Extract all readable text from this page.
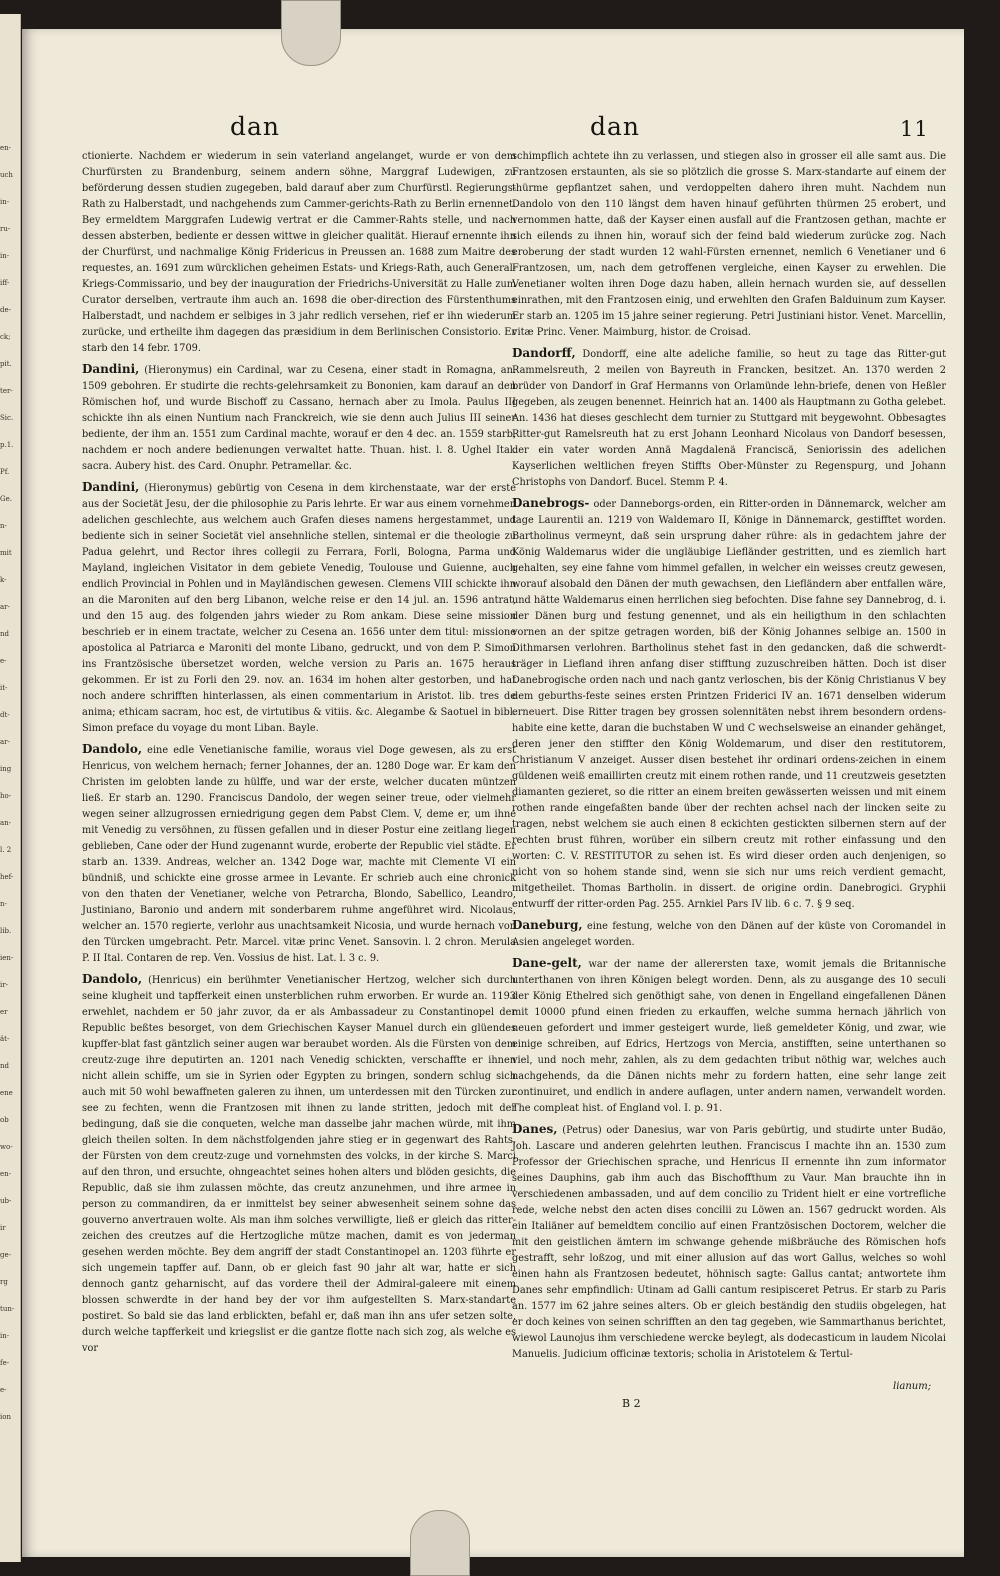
en-
uch
in-
ru-
in-
iff-
de-
ck;
pit.
ter-
Sic.
p.1.
Pf.
Ge.
n-
mit
k-
ar-
nd
e-
it-
dt-
ar-
ing
ho-
an-
l. 2
hef-
n-
lib.
ien-
ir-
er
ät-
nd
ene
ob
wo-
en-
ub-
ir
ge-
rg
tun-
in-
fe-
e-
ion
dan	dan	11

ctionierte. Nachdem er wiederum in sein vaterland angelanget, wurde er von dem Churfürsten zu Brandenburg, seinem andern söhne, Marggraf Ludewigen, zu beförderung dessen studien zugegeben, bald darauf aber zum Churfürstl. Regierungs-Rath zu Halberstadt, und nachgehends zum Cammer-gerichts-Rath zu Berlin ernennet. Bey ermeldtem Marggrafen Ludewig vertrat er die Cammer-Rahts stelle, und nach dessen absterben, bediente er dessen wittwe in gleicher qualität. Hierauf ernennte ihn der Churfürst, und nachmalige König Fridericus in Preussen an. 1688 zum Maitre des requestes, an. 1691 zum würcklichen geheimen Estats- und Kriegs-Rath, auch General-Kriegs-Commissario, und bey der inauguration der Friedrichs-Universität zu Halle zum Curator derselben, vertraute ihm auch an. 1698 die ober-direction des Fürstenthums Halberstadt, und nachdem er selbiges in 3 jahr redlich versehen, rief er ihn wiederum zurücke, und ertheilte ihm dagegen das præsidium in dem Berlinischen Consistorio. Er starb den 14 febr. 1709.

Dandini, (Hieronymus) ein Cardinal, war zu Cesena, einer stadt in Romagna, an. 1509 gebohren. Er studirte die rechts-gelehrsamkeit zu Bononien, kam darauf an den Römischen hof, und wurde Bischoff zu Cassano, hernach aber zu Imola. Paulus III schickte ihn als einen Nuntium nach Franckreich, wie sie denn auch Julius III seiner bediente, der ihm an. 1551 zum Cardinal machte, worauf er den 4 dec. an. 1559 starb, nachdem er noch andere bedienungen verwaltet hatte. Thuan. hist. l. 8. Ughel Ital. sacra. Aubery hist. des Card. Onuphr. Petramellar. &c.

Dandini, (Hieronymus) gebürtig von Cesena in dem kirchenstaate, war der erste aus der Societät Jesu, der die philosophie zu Paris lehrte. Er war aus einem vornehmen adelichen geschlechte, aus welchem auch Grafen dieses namens hergestammet, und bediente sich in seiner Societät viel ansehnliche stellen, sintemal er die theologie zu Padua gelehrt, und Rector ihres collegii zu Ferrara, Forli, Bologna, Parma und Mayland, ingleichen Visitator in dem gebiete Venedig, Toulouse und Guienne, auch endlich Provincial in Pohlen und in Mayländischen gewesen. Clemens VIII schickte ihn an die Maroniten auf den berg Libanon, welche reise er den 14 jul. an. 1596 antrat, und den 15 aug. des folgenden jahrs wieder zu Rom ankam. Diese seine mission beschrieb er in einem tractate, welcher zu Cesena an. 1656 unter dem titul: missione apostolica al Patriarca e Maroniti del monte Libano, gedruckt, und von dem P. Simon ins Frantzösische übersetzet worden, welche version zu Paris an. 1675 heraus gekommen. Er ist zu Forli den 29. nov. an. 1634 im hohen alter gestorben, und hat noch andere schrifften hinterlassen, als einen commentarium in Aristot. lib. tres de anima; ethicam sacram, hoc est, de virtutibus & vitiis. &c. Alegambe & Saotuel in bibl. Simon preface du voyage du mont Liban. Bayle.

Dandolo, eine edle Venetianische familie, woraus viel Doge gewesen, als zu erst Henricus, von welchem hernach; ferner Johannes, der an. 1280 Doge war. Er kam den Christen im gelobten lande zu hülffe, und war der erste, welcher ducaten müntzen ließ. Er starb an. 1290. Franciscus Dandolo, der wegen seiner treue, oder vielmehr wegen seiner allzugrossen erniedrigung gegen dem Pabst Clem. V, deme er, um ihne mit Venedig zu versöhnen, zu füssen gefallen und in dieser Postur eine zeitlang liegen geblieben, Cane oder der Hund zugenannt wurde, eroberte der Republic viel städte. Er starb an. 1339. Andreas, welcher an. 1342 Doge war, machte mit Clemente VI ein bündniß, und schickte eine grosse armee in Levante. Er schrieb auch eine chronick von den thaten der Venetianer, welche von Petrarcha, Blondo, Sabellico, Leandro, Justiniano, Baronio und andern mit sonderbarem ruhme angeführet wird. Nicolaus, welcher an. 1570 regierte, verlohr aus unachtsamkeit Nicosia, und wurde hernach von den Türcken umgebracht. Petr. Marcel. vitæ princ Venet. Sansovin. l. 2 chron. Merula P. II Ital. Contaren de rep. Ven. Vossius de hist. Lat. l. 3 c. 9.

Dandolo, (Henricus) ein berühmter Venetianischer Hertzog, welcher sich durch seine klugheit und tapfferkeit einen unsterblichen ruhm erworben. Er wurde an. 1193 erwehlet, nachdem er 50 jahr zuvor, da er als Ambassadeur zu Constantinopel der Republic beßtes besorget, von dem Griechischen Kayser Manuel durch ein glüendes kupffer-blat fast gäntzlich seiner augen war beraubet worden. Als die Fürsten von dem creutz-zuge ihre deputirten an. 1201 nach Venedig schickten, verschaffte er ihnen nicht allein schiffe, um sie in Syrien oder Egypten zu bringen, sondern schlug sich auch mit 50 wohl bewaffneten galeren zu ihnen, um unterdessen mit den Türcken zur see zu fechten, wenn die Frantzosen mit ihnen zu lande stritten, jedoch mit der bedingung, daß sie die conqueten, welche man dasselbe jahr machen würde, mit ihm gleich theilen solten. In dem nächstfolgenden jahre stieg er in gegenwart des Rahts, der Fürsten von dem creutz-zuge und vornehmsten des volcks, in der kirche S. Marci auf den thron, und ersuchte, ohngeachtet seines hohen alters und blöden gesichts, die Republic, daß sie ihm zulassen möchte, das creutz anzunehmen, und ihre armee in person zu commandiren, da er inmittelst bey seiner abwesenheit seinem sohne das gouverno anvertrauen wolte. Als man ihm solches verwilligte, ließ er gleich das ritter-zeichen des creutzes auf die Hertzogliche mütze machen, damit es von jederman gesehen werden möchte. Bey dem angriff der stadt Constantinopel an. 1203 führte er sich ungemein tapffer auf. Dann, ob er gleich fast 90 jahr alt war, hatte er sich dennoch gantz geharnischt, auf das vordere theil der Admiral-galeere mit einem blossen schwerdte in der hand bey der vor ihm aufgestellten S. Marx-standarte postiret. So bald sie das land erblickten, befahl er, daß man ihn ans ufer setzen solte, durch welche tapfferkeit und kriegslist er die gantze flotte nach sich zog, als welche es vor

schimpflich achtete ihn zu verlassen, und stiegen also in grosser eil alle samt aus. Die Frantzosen erstaunten, als sie so plötzlich die grosse S. Marx-standarte auf einem der thürme gepflantzet sahen, und verdoppelten dahero ihren muht. Nachdem nun Dandolo von den 110 längst dem haven hinauf geführten thürmen 25 erobert, und vernommen hatte, daß der Kayser einen ausfall auf die Frantzosen gethan, machte er sich eilends zu ihnen hin, worauf sich der feind bald wiederum zurücke zog. Nach eroberung der stadt wurden 12 wahl-Fürsten ernennet, nemlich 6 Venetianer und 6 Frantzosen, um, nach dem getroffenen vergleiche, einen Kayser zu erwehlen. Die Venetianer wolten ihren Doge dazu haben, allein hernach wurden sie, auf dessellen einrathen, mit den Frantzosen einig, und erwehlten den Grafen Balduinum zum Kayser. Er starb an. 1205 im 15 jahre seiner regierung. Petri Justiniani histor. Venet. Marcellin, vitæ Princ. Vener. Maimburg, histor. de Croisad.

Dandorff, Dondorff, eine alte adeliche familie, so heut zu tage das Ritter-gut Rammelsreuth, 2 meilen von Bayreuth in Francken, besitzet. An. 1370 werden 2 brüder von Dandorf in Graf Hermanns von Orlamünde lehn-briefe, denen von Heßler gegeben, als zeugen benennet. Heinrich hat an. 1400 als Hauptmann zu Gotha gelebet. An. 1436 hat dieses geschlecht dem turnier zu Stuttgard mit beygewohnt. Obbesagtes Ritter-gut Ramelsreuth hat zu erst Johann Leonhard Nicolaus von Dandorf besessen, der ein vater worden Annä Magdalenä Franciscä, Seniorissin des adelichen Kayserlichen weltlichen freyen Stiffts Ober-Münster zu Regenspurg, und Johann Christophs von Dandorf. Bucel. Stemm P. 4.

Danebrogs- oder Danneborgs-orden, ein Ritter-orden in Dännemarck, welcher am tage Laurentii an. 1219 von Waldemaro II, Könige in Dännemarck, gestifftet worden. Bartholinus vermeynt, daß sein ursprung daher rühre: als in gedachtem jahre der König Waldemarus wider die ungläubige Liefländer gestritten, und es ziemlich hart gehalten, sey eine fahne vom himmel gefallen, in welcher ein weisses creutz gewesen, worauf alsobald den Dänen der muth gewachsen, den Liefländern aber entfallen wäre, und hätte Waldemarus einen herrlichen sieg befochten. Dise fahne sey Dannebrog, d. i. der Dänen burg und festung genennet, und als ein heiligthum in den schlachten vornen an der spitze getragen worden, biß der König Johannes selbige an. 1500 in Dithmarsen verlohren. Bartholinus stehet fast in den gedancken, daß die schwerdt-träger in Liefland ihren anfang diser stifftung zuzuschreiben hätten. Doch ist diser Danebrogische orden nach und nach gantz verloschen, bis der König Christianus V bey dem geburths-feste seines ersten Printzen Friderici IV an. 1671 denselben widerum erneuert. Dise Ritter tragen bey grossen solennitäten nebst ihrem besondern ordens-habite eine kette, daran die buchstaben W und C wechselsweise an einander gehänget, deren jener den stiffter den König Woldemarum, und diser den restitutorem, Christianum V anzeiget. Ausser disen bestehet ihr ordinari ordens-zeichen in einem güldenen weiß emaillirten creutz mit einem rothen rande, und 11 creutzweis gesetzten diamanten gezieret, so die ritter an einem breiten gewässerten weissen und mit einem rothen rande eingefaßten bande über der rechten achsel nach der lincken seite zu tragen, nebst welchem sie auch einen 8 eckichten gestickten silbernen stern auf der rechten brust führen, worüber ein silbern creutz mit rother einfassung und den worten: C. V. RESTITUTOR zu sehen ist. Es wird dieser orden auch denjenigen, so nicht von so hohem stande sind, wenn sie sich nur ums reich verdient gemacht, mitgetheilet. Thomas Bartholin. in dissert. de origine ordin. Danebrogici. Gryphii entwurff der ritter-orden Pag. 255. Arnkiel Pars IV lib. 6 c. 7. § 9 seq.

Daneburg, eine festung, welche von den Dänen auf der küste von Coromandel in Asien angeleget worden.

Dane-gelt, war der name der allerersten taxe, womit jemals die Britannische unterthanen von ihren Königen belegt worden. Denn, als zu ausgange des 10 seculi der König Ethelred sich genöthigt sahe, von denen in Engelland eingefallenen Dänen mit 10000 pfund einen frieden zu erkauffen, welche summa hernach jährlich von neuen gefordert und immer gesteigert wurde, ließ gemeldeter König, und zwar, wie einige schreiben, auf Edrics, Hertzogs von Mercia, anstifften, seine unterthanen so viel, und noch mehr, zahlen, als zu dem gedachten tribut nöthig war, welches auch nachgehends, da die Dänen nichts mehr zu fordern hatten, eine sehr lange zeit continuiret, und endlich in andere auflagen, unter andern namen, verwandelt worden. The compleat hist. of England vol. I. p. 91.

Danes, (Petrus) oder Danesius, war von Paris gebürtig, und studirte unter Budäo, Joh. Lascare und anderen gelehrten leuthen. Franciscus I machte ihn an. 1530 zum Professor der Griechischen sprache, und Henricus II ernennte ihn zum informator seines Dauphins, gab ihm auch das Bischoffthum zu Vaur. Man brauchte ihn in verschiedenen ambassaden, und auf dem concilio zu Trident hielt er eine vortrefliche rede, welche nebst den acten dises concilii zu Löwen an. 1567 gedruckt worden. Als ein Italiäner auf bemeldtem concilio auf einen Frantzösischen Doctorem, welcher die mit den geistlichen ämtern im schwange gehende mißbräuche des Römischen hofs gestrafft, sehr loßzog, und mit einer allusion auf das wort Gallus, welches so wohl einen hahn als Frantzosen bedeutet, höhnisch sagte: Gallus cantat; antwortete ihm Danes sehr empfindlich: Utinam ad Galli cantum resipisceret Petrus. Er starb zu Paris an. 1577 im 62 jahre seines alters. Ob er gleich beständig den studiis obgelegen, hat er doch keines von seinen schrifften an den tag gegeben, wie Sammarthanus berichtet, wiewol Launojus ihm verschiedene wercke beylegt, als dodecasticum in laudem Nicolai Manuelis. Judicium officinæ textoris; scholia in Aristotelem & Tertul-

B 2
lianum;
